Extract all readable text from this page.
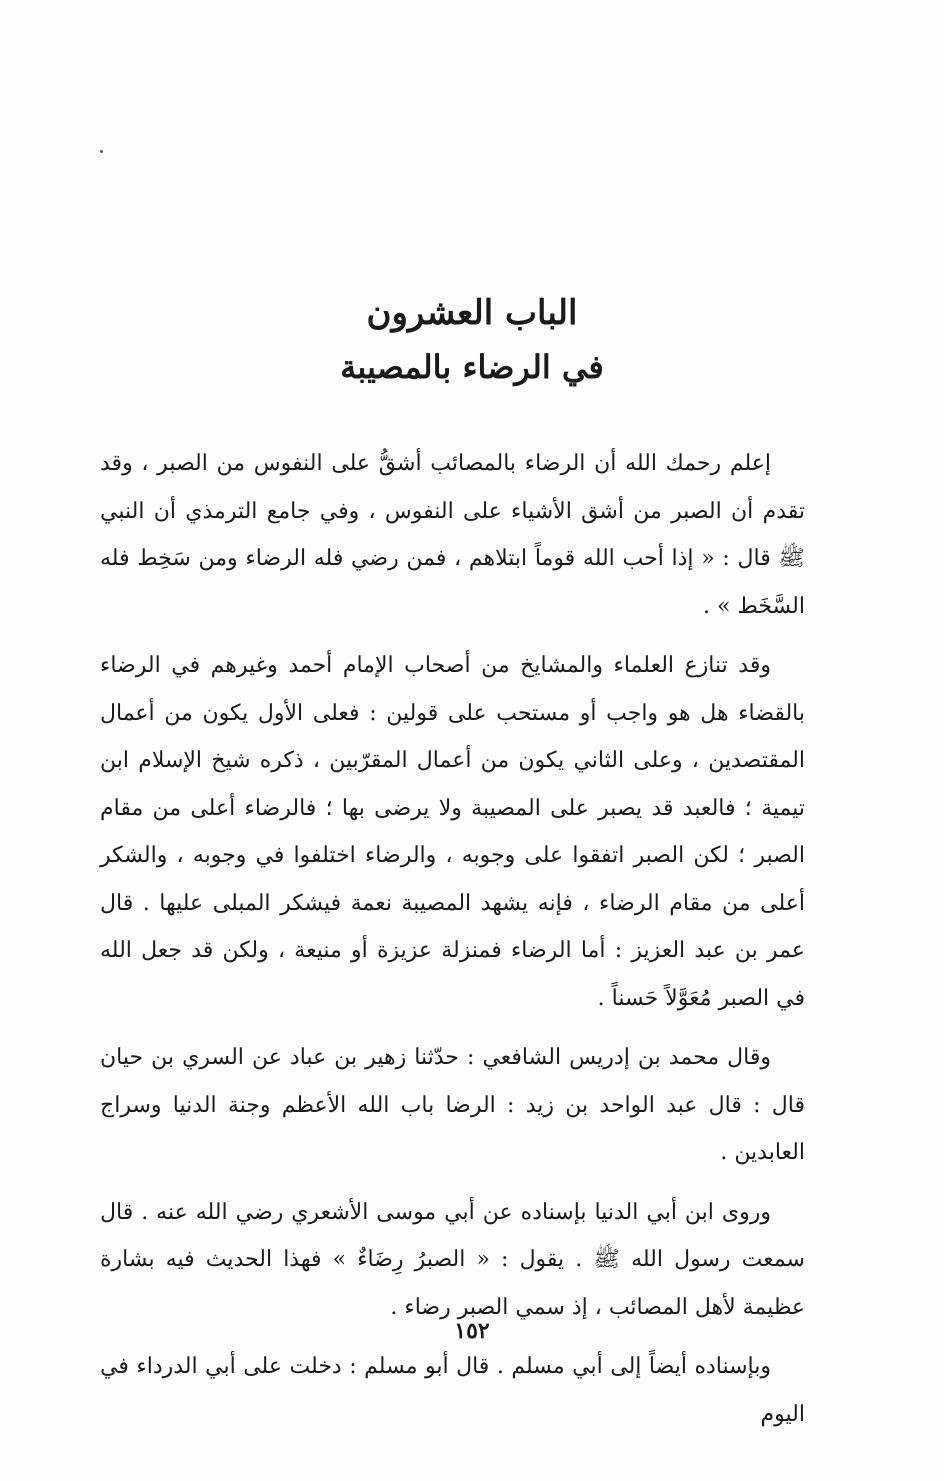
الباب العشرون

في الرضاء بالمصيبة

إعلم رحمك الله أن الرضاء بالمصائب أشقُّ على النفوس من الصبر ، وقد تقدم أن الصبر من أشق الأشياء على النفوس ، وفي جامع الترمذي أن النبي ﷺ قال : « إذا أحب الله قوماً ابتلاهم ، فمن رضي فله الرضاء ومن سَخِط فله السَّخَط » .

وقد تنازع العلماء والمشايخ من أصحاب الإمام أحمد وغيرهم في الرضاء بالقضاء هل هو واجب أو مستحب على قولين : فعلى الأول يكون من أعمال المقتصدين ، وعلى الثاني يكون من أعمال المقرّبين ، ذكره شيخ الإسلام ابن تيمية ؛ فالعبد قد يصبر على المصيبة ولا يرضى بها ؛ فالرضاء أعلى من مقام الصبر ؛ لكن الصبر اتفقوا على وجوبه ، والرضاء اختلفوا في وجوبه ، والشكر أعلى من مقام الرضاء ، فإنه يشهد المصيبة نعمة فيشكر المبلى عليها . قال عمر بن عبد العزيز : أما الرضاء فمنزلة عزيزة أو منيعة ، ولكن قد جعل الله في الصبر مُعَوَّلاً حَسناً .

وقال محمد بن إدريس الشافعي : حدّثنا زهير بن عباد عن السري بن حيان قال : قال عبد الواحد بن زيد : الرضا باب الله الأعظم وجنة الدنيا وسراج العابدين .

وروى ابن أبي الدنيا بإسناده عن أبي موسى الأشعري رضي الله عنه . قال سمعت رسول الله ﷺ . يقول : « الصبرُ رِضَاءٌ » فهذا الحديث فيه بشارة عظيمة لأهل المصائب ، إذ سمي الصبر رضاء .

وبإسناده أيضاً إلى أبي مسلم . قال أبو مسلم : دخلت على أبي الدرداء في اليوم

١٥٢
